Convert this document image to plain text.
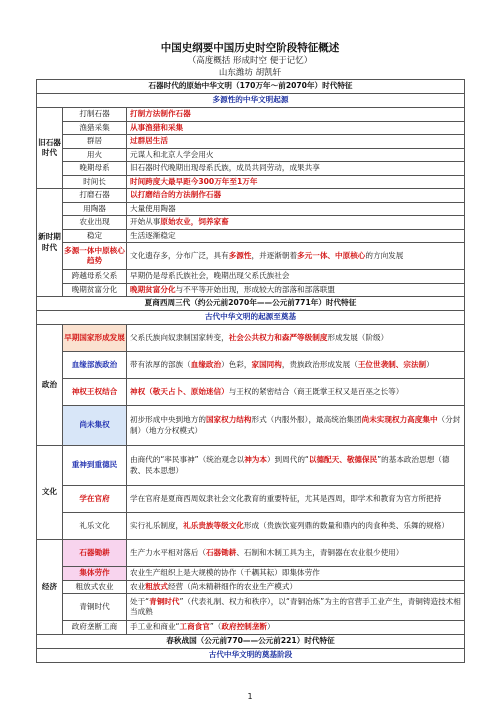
中国史纲要中国历史时空阶段特征概述
（高度概括 形成时空 便于记忆）
山东潍坊 胡凯轩
石器时代的原始中华文明（170万年～前2070年）时代特征		
多源性的中华文明起源		
旧石器时代	打制石器	打制方法制作石器
	渔猎采集	从事渔猎和采集
	群居	过群居生活
	用火	元谋人和北京人学会用火
	晚期母系	旧石器时代晚期出现母系氏族，成员共同劳动，成果共享
	时间长	时间跨度大最早距今300万年至1万年
新时期时代	打磨石器	以打磨结合的方法制作石器
	用陶器	大量使用陶器
	农业出现	开始从事原始农业，饲养家畜
	稳定	生活逐渐稳定
	多源一体中原核心趋势	文化遗存多，分布广泛，具有多源性，并逐渐朝着多元一体、中原核心的方向发展
	跨越母系父系	早期仍是母系氏族社会，晚期出现父系氏族社会
	晚期贫富分化	晚期贫富分化与不平等开始出现，形成较大的部落和部落联盟
夏商西周三代（约公元前2070年——公元前771年）时代特征		
古代中华文明的起源至奠基		
政治	早期国家形成发展	父系氏族向奴隶制国家转变，社会公共权力和森严等级制度形成发展（阶级）
	血缘部族政治	带有浓厚的部族（血缘政治）色彩，家国同构，贵族政治形成发展（王位世袭制、宗法制）
	神权王权结合	神权（敬天占卜、原始迷信）与王权的紧密结合（商王既掌王权又是百巫之长等）
	尚未集权	初步形成中央到地方的国家权力结构形式（内服外服），最高统治集团尚未实现权力高度集中（分封制）（地方分权模式）
文化	重神到重德民	由商代的“率民事神”（统治观念以神为本）到周代的“以德配天、敬德保民”的基本政治思想（德教、民本思想）
	学在官府	学在官府是夏商西周奴隶社会文化教育的重要特征，尤其是西周，即学术和教育为官方所把持
	礼乐文化	实行礼乐制度，礼乐贵族等级文化形成（贵族饮宴列鼎的数量和鼎内的肉食种类、乐舞的规格）
经济	石器锄耕	生产力水平相对落后（石器锄耕、石制和木制工具为主，青铜器在农业很少使用）
	集体劳作	农业生产组织上是大规模的协作（千耦其耘）即集体劳作
	粗放式农业	农业粗放式经营（尚未精耕细作的农业生产模式）
	青铜时代	处于“青铜时代”（代表礼制、权力和秩序），以“青铜冶炼”为主的官营手工业产生，青铜铸造技术相当成熟
	政府垄断工商	手工业和商业“工商食官”（政府控制垄断）
春秋战国（公元前770——公元前221）时代特征		
古代中华文明的奠基阶段		
1
